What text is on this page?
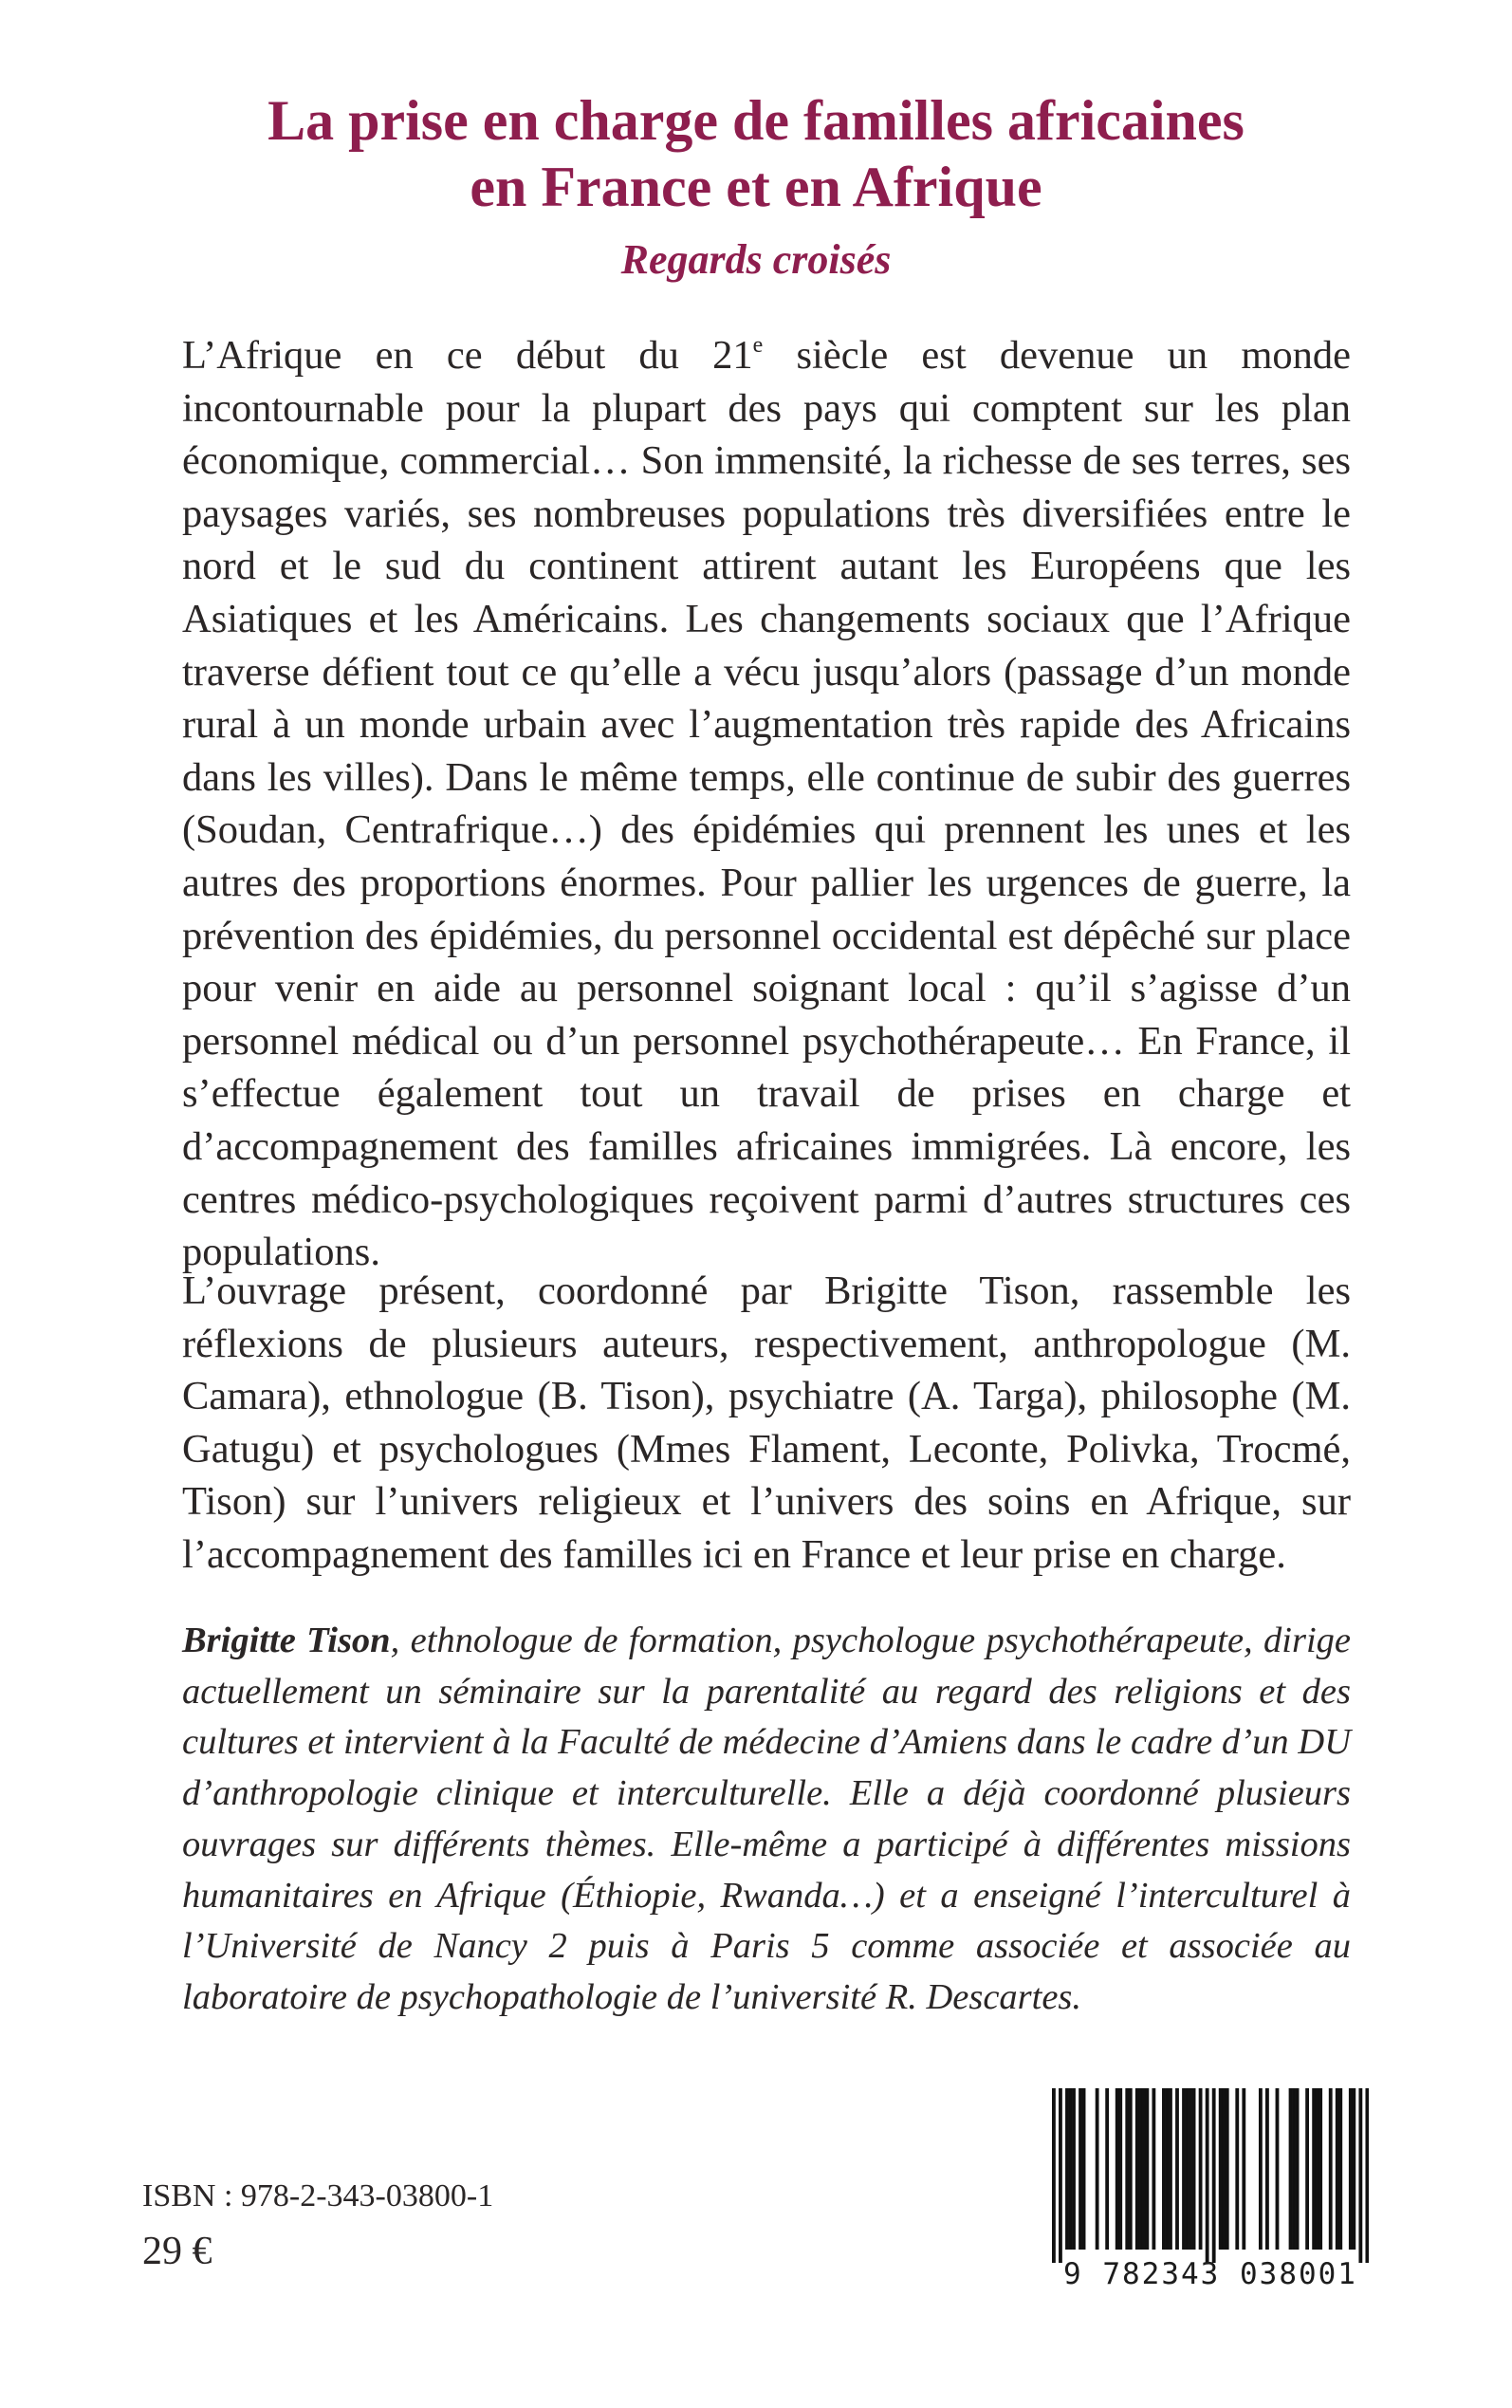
La prise en charge de familles africaines
en France et en Afrique
Regards croisés

L’Afrique en ce début du 21e siècle est devenue un monde incontournable pour la plupart des pays qui comptent sur les plan économique, commercial… Son immensité, la richesse de ses terres, ses paysages variés, ses nombreuses populations très diversifiées entre le nord et le sud du continent attirent autant les Européens que les Asiatiques et les Américains. Les changements sociaux que l’Afrique traverse défient tout ce qu’elle a vécu jusqu’alors (passage d’un monde rural à un monde urbain avec l’augmentation très rapide des Africains dans les villes). Dans le même temps, elle continue de subir des guerres (Soudan, Centrafrique…) des épidémies qui prennent les unes et les autres des proportions énormes. Pour pallier les urgences de guerre, la prévention des épidémies, du personnel occidental est dépêché sur place pour venir en aide au personnel soignant local : qu’il s’agisse d’un personnel médical ou d’un personnel psychothérapeute… En France, il s’effectue également tout un travail de prises en charge et d’accompagnement des familles africaines immigrées. Là encore, les centres médico-psychologiques reçoivent parmi d’autres structures ces populations.

L’ouvrage présent, coordonné par Brigitte Tison, rassemble les réflexions de plusieurs auteurs, respectivement, anthropologue (M. Camara), ethnologue (B. Tison), psychiatre (A. Targa), philosophe (M. Gatugu) et psychologues (Mmes Flament, Leconte, Polivka, Trocmé, Tison) sur l’univers religieux et l’univers des soins en Afrique, sur l’accompagnement des familles ici en France et leur prise en charge.

Brigitte Tison, ethnologue de formation, psychologue psychothérapeute, dirige actuellement un séminaire sur la parentalité au regard des religions et des cultures et intervient à la Faculté de médecine d’Amiens dans le cadre d’un DU d’anthropologie clinique et interculturelle. Elle a déjà coordonné plusieurs ouvrages sur différents thèmes. Elle-même a participé à différentes missions humanitaires en Afrique (Éthiopie, Rwanda…) et a enseigné l’interculturel à l’Université de Nancy 2 puis à Paris 5 comme associée et associée au laboratoire de psychopathologie de l’université R. Descartes.

ISBN : 978-2-343-03800-1
29 €
9 782343 038001
